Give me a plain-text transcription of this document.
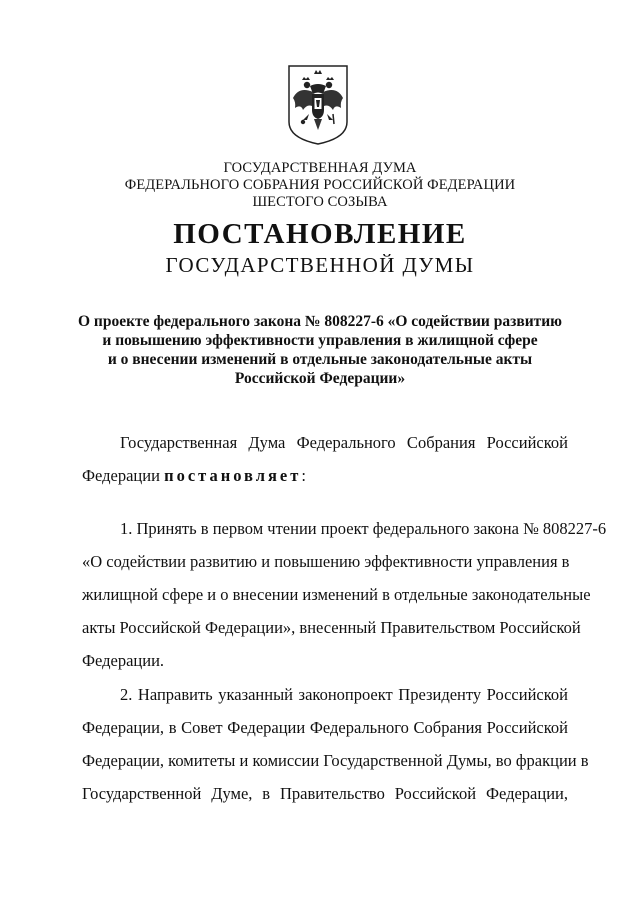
ГОСУДАРСТВЕННАЯ ДУМА
ФЕДЕРАЛЬНОГО СОБРАНИЯ РОССИЙСКОЙ ФЕДЕРАЦИИ
ШЕСТОГО СОЗЫВА
ПОСТАНОВЛЕНИЕ
ГОСУДАРСТВЕННОЙ ДУМЫ
О проекте федерального закона № 808227-6 «О содействии развитию
и повышению эффективности управления в жилищной сфере
и о внесении изменений в отдельные законодательные акты
Российской Федерации»
Государственная Дума Федерального Собрания Российской
Федерации постановляет:
1. Принять в первом чтении проект федерального закона № 808227-6
«О содействии развитию и повышению эффективности управления в
жилищной сфере и о внесении изменений в отдельные законодательные
акты Российской Федерации», внесенный Правительством Российской
Федерации.
2. Направить указанный законопроект Президенту Российской
Федерации, в Совет Федерации Федерального Собрания Российской
Федерации, комитеты и комиссии Государственной Думы, во фракции в
Государственной Думе, в Правительство Российской Федерации,
